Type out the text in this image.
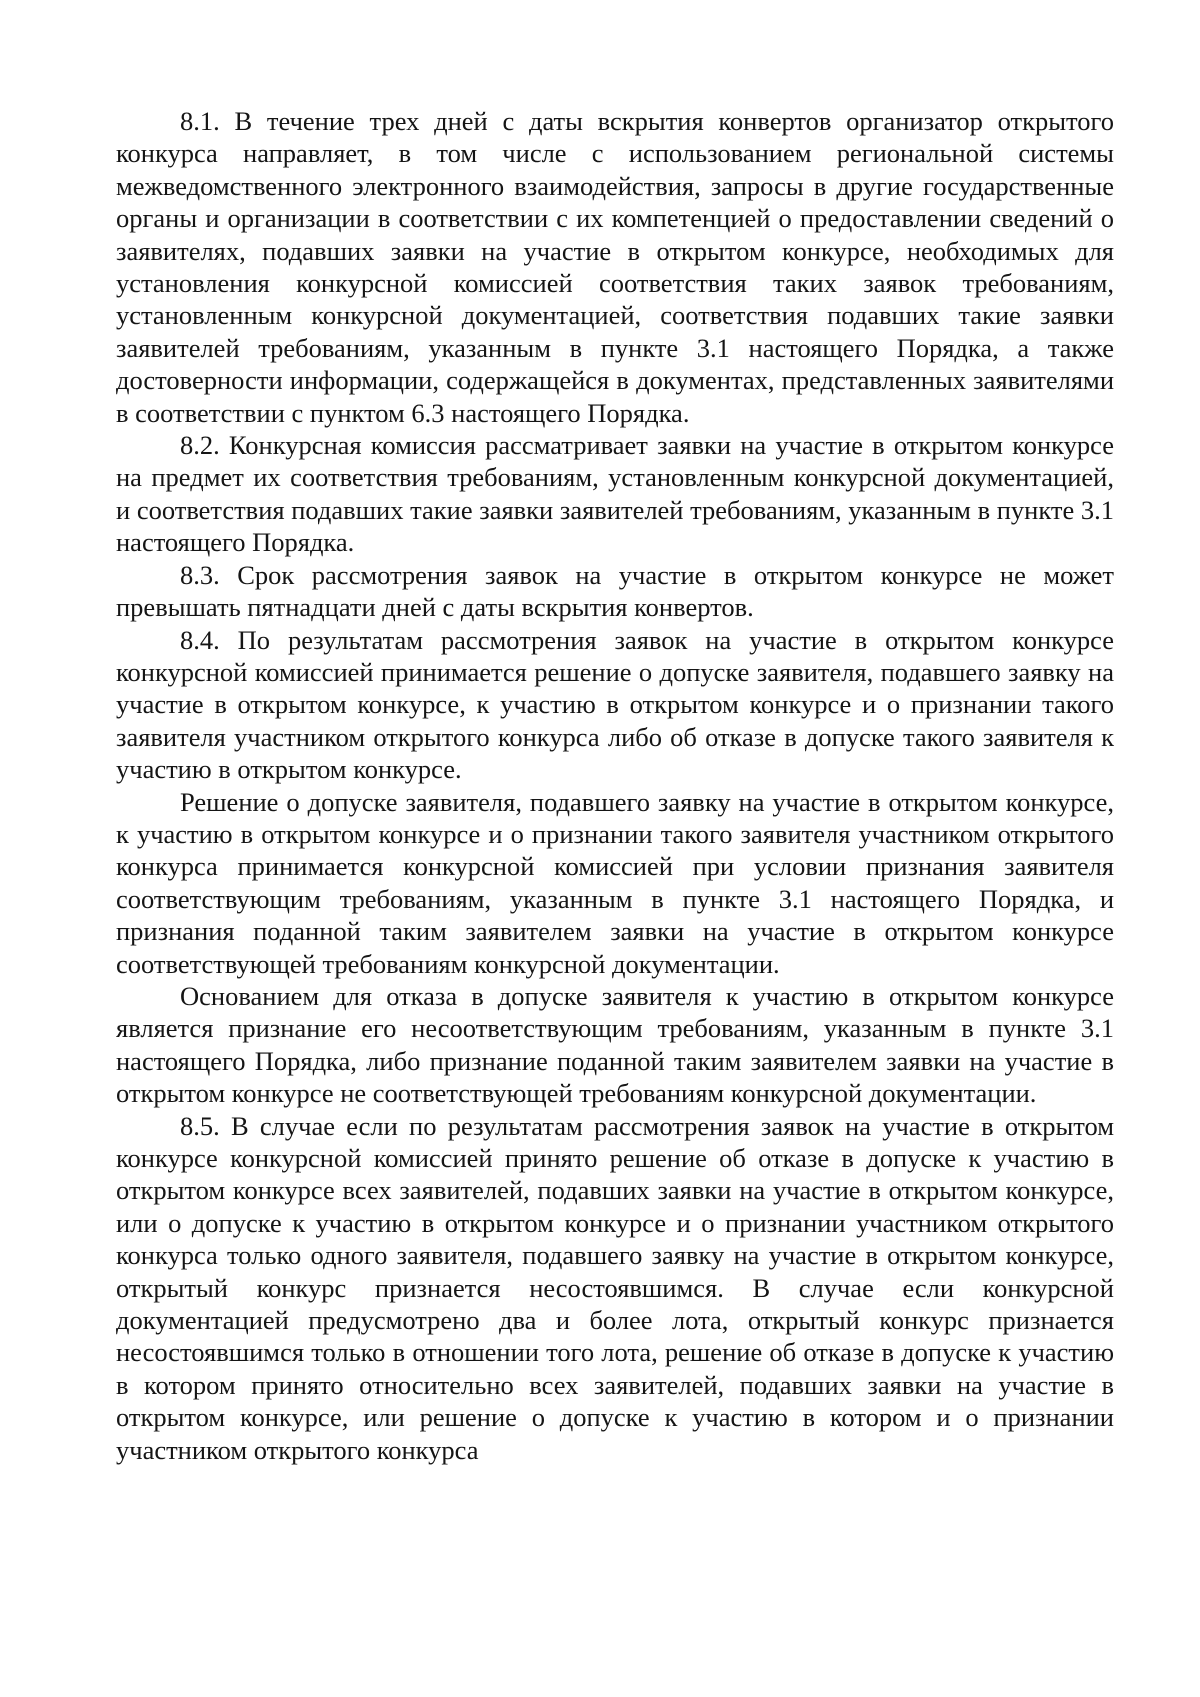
8.1. В течение трех дней с даты вскрытия конвертов организатор открытого конкурса направляет, в том числе с использованием региональной системы межведомственного электронного взаимодействия, запросы в другие государственные органы и организации в соответствии с их компетенцией о предоставлении сведений о заявителях, подавших заявки на участие в открытом конкурсе, необходимых для установления конкурсной комиссией соответствия таких заявок требованиям, установленным конкурсной документацией, соответствия подавших такие заявки заявителей требованиям, указанным в пункте 3.1 настоящего Порядка, а также достоверности информации, содержащейся в документах, представленных заявителями в соответствии с пунктом 6.3 настоящего Порядка.

8.2. Конкурсная комиссия рассматривает заявки на участие в открытом конкурсе на предмет их соответствия требованиям, установленным конкурсной документацией, и соответствия подавших такие заявки заявителей требованиям, указанным в пункте 3.1 настоящего Порядка.

8.3. Срок рассмотрения заявок на участие в открытом конкурсе не может превышать пятнадцати дней с даты вскрытия конвертов.

8.4. По результатам рассмотрения заявок на участие в открытом конкурсе конкурсной комиссией принимается решение о допуске заявителя, подавшего заявку на участие в открытом конкурсе, к участию в открытом конкурсе и о признании такого заявителя участником открытого конкурса либо об отказе в допуске такого заявителя к участию в открытом конкурсе.

Решение о допуске заявителя, подавшего заявку на участие в открытом конкурсе, к участию в открытом конкурсе и о признании такого заявителя участником открытого конкурса принимается конкурсной комиссией при условии признания заявителя соответствующим требованиям, указанным в пункте 3.1 настоящего Порядка, и признания поданной таким заявителем заявки на участие в открытом конкурсе соответствующей требованиям конкурсной документации.

Основанием для отказа в допуске заявителя к участию в открытом конкурсе является признание его несоответствующим требованиям, указанным в пункте 3.1 настоящего Порядка, либо признание поданной таким заявителем заявки на участие в открытом конкурсе не соответствующей требованиям конкурсной документации.

8.5. В случае если по результатам рассмотрения заявок на участие в открытом конкурсе конкурсной комиссией принято решение об отказе в допуске к участию в открытом конкурсе всех заявителей, подавших заявки на участие в открытом конкурсе, или о допуске к участию в открытом конкурсе и о признании участником открытого конкурса только одного заявителя, подавшего заявку на участие в открытом конкурсе, открытый конкурс признается несостоявшимся. В случае если конкурсной документацией предусмотрено два и более лота, открытый конкурс признается несостоявшимся только в отношении того лота, решение об отказе в допуске к участию в котором принято относительно всех заявителей, подавших заявки на участие в открытом конкурсе, или решение о допуске к участию в котором и о признании участником открытого конкурса
